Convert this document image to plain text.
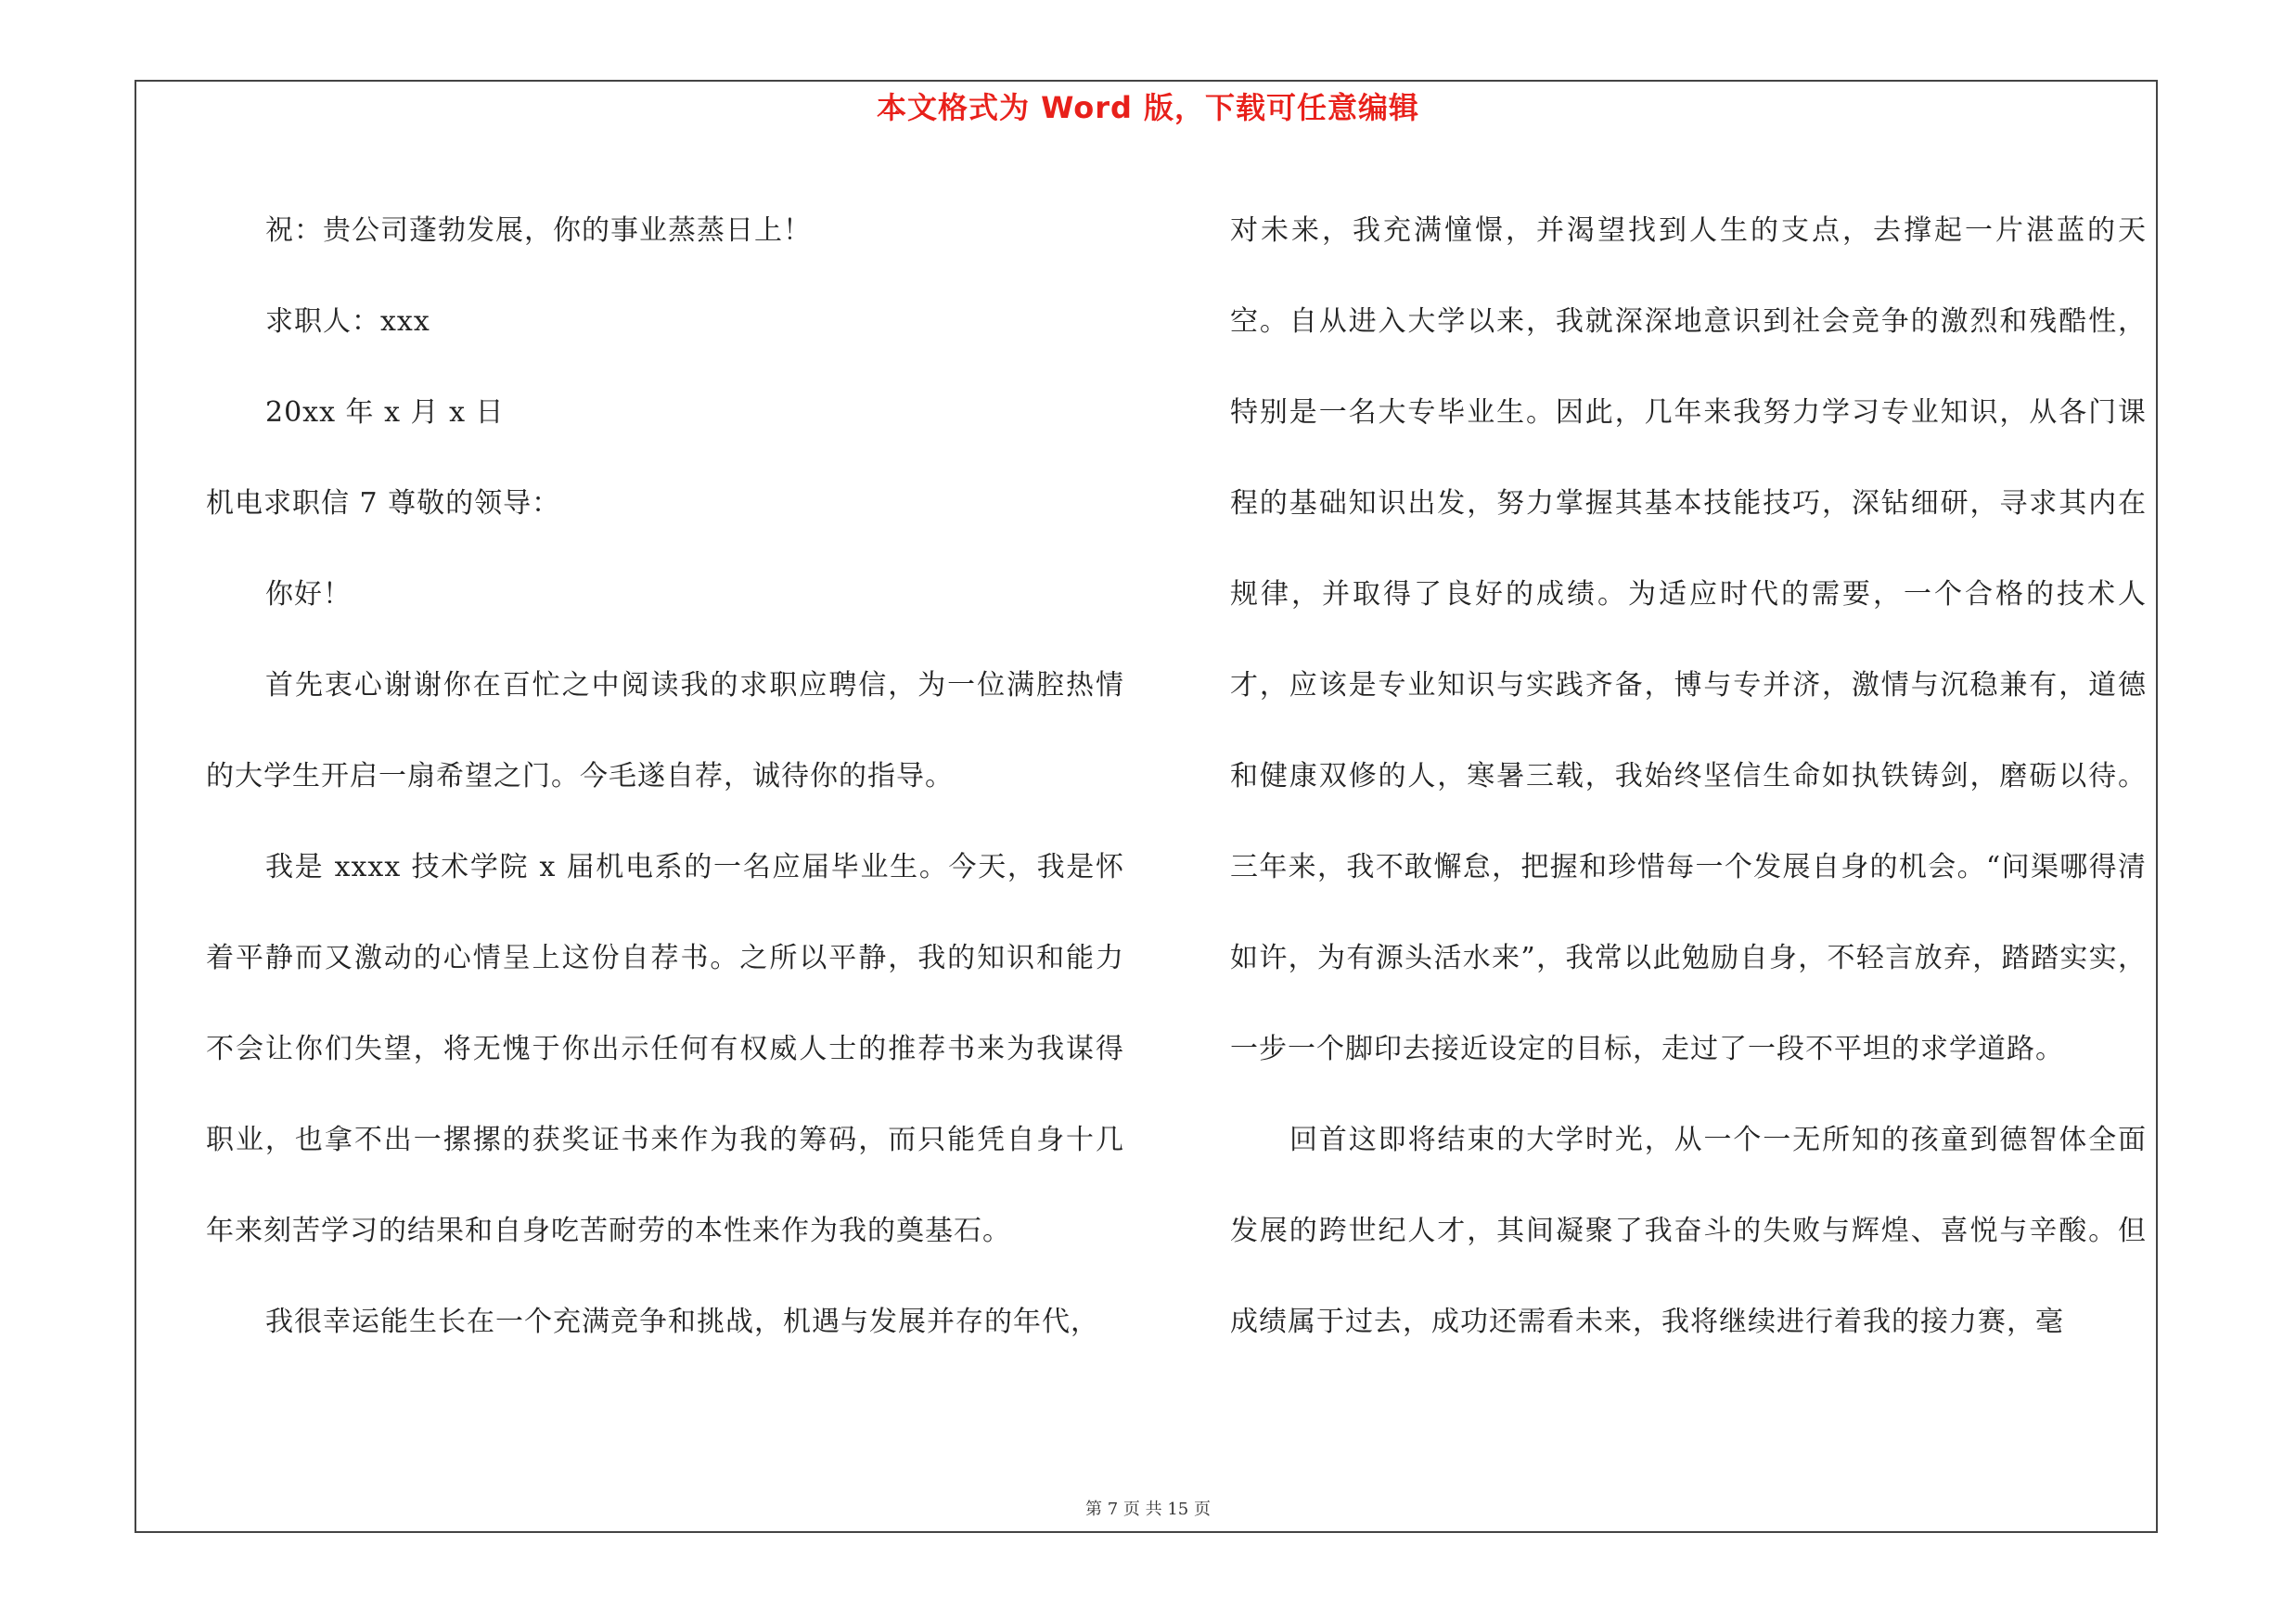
本文格式为 Word 版，下载可任意编辑

祝：贵公司蓬勃发展，你的事业蒸蒸日上！

求职人：xxx

20xx 年 x 月 x 日

机电求职信 7 尊敬的领导：

你好！

首先衷心谢谢你在百忙之中阅读我的求职应聘信，为一位满腔热情的大学生开启一扇希望之门。今毛遂自荐，诚待你的指导。

我是 xxxx 技术学院 x 届机电系的一名应届毕业生。今天，我是怀着平静而又激动的心情呈上这份自荐书。之所以平静，我的知识和能力不会让你们失望，将无愧于你出示任何有权威人士的推荐书来为我谋得职业，也拿不出一摞摞的获奖证书来作为我的筹码，而只能凭自身十几年来刻苦学习的结果和自身吃苦耐劳的本性来作为我的奠基石。

我很幸运能生长在一个充满竞争和挑战，机遇与发展并存的年代，

对未来，我充满憧憬，并渴望找到人生的支点，去撑起一片湛蓝的天空。自从进入大学以来，我就深深地意识到社会竞争的激烈和残酷性，特别是一名大专毕业生。因此，几年来我努力学习专业知识，从各门课程的基础知识出发，努力掌握其基本技能技巧，深钻细研，寻求其内在规律，并取得了良好的成绩。为适应时代的需要，一个合格的技术人才，应该是专业知识与实践齐备，博与专并济，激情与沉稳兼有，道德和健康双修的人，寒暑三载，我始终坚信生命如执铁铸剑，磨砺以待。三年来，我不敢懈怠，把握和珍惜每一个发展自身的机会。“问渠哪得清如许，为有源头活水来”，我常以此勉励自身，不轻言放弃，踏踏实实，一步一个脚印去接近设定的目标，走过了一段不平坦的求学道路。

回首这即将结束的大学时光，从一个一无所知的孩童到德智体全面发展的跨世纪人才，其间凝聚了我奋斗的失败与辉煌、喜悦与辛酸。但成绩属于过去，成功还需看未来，我将继续进行着我的接力赛，毫

第 7 页 共 15 页
